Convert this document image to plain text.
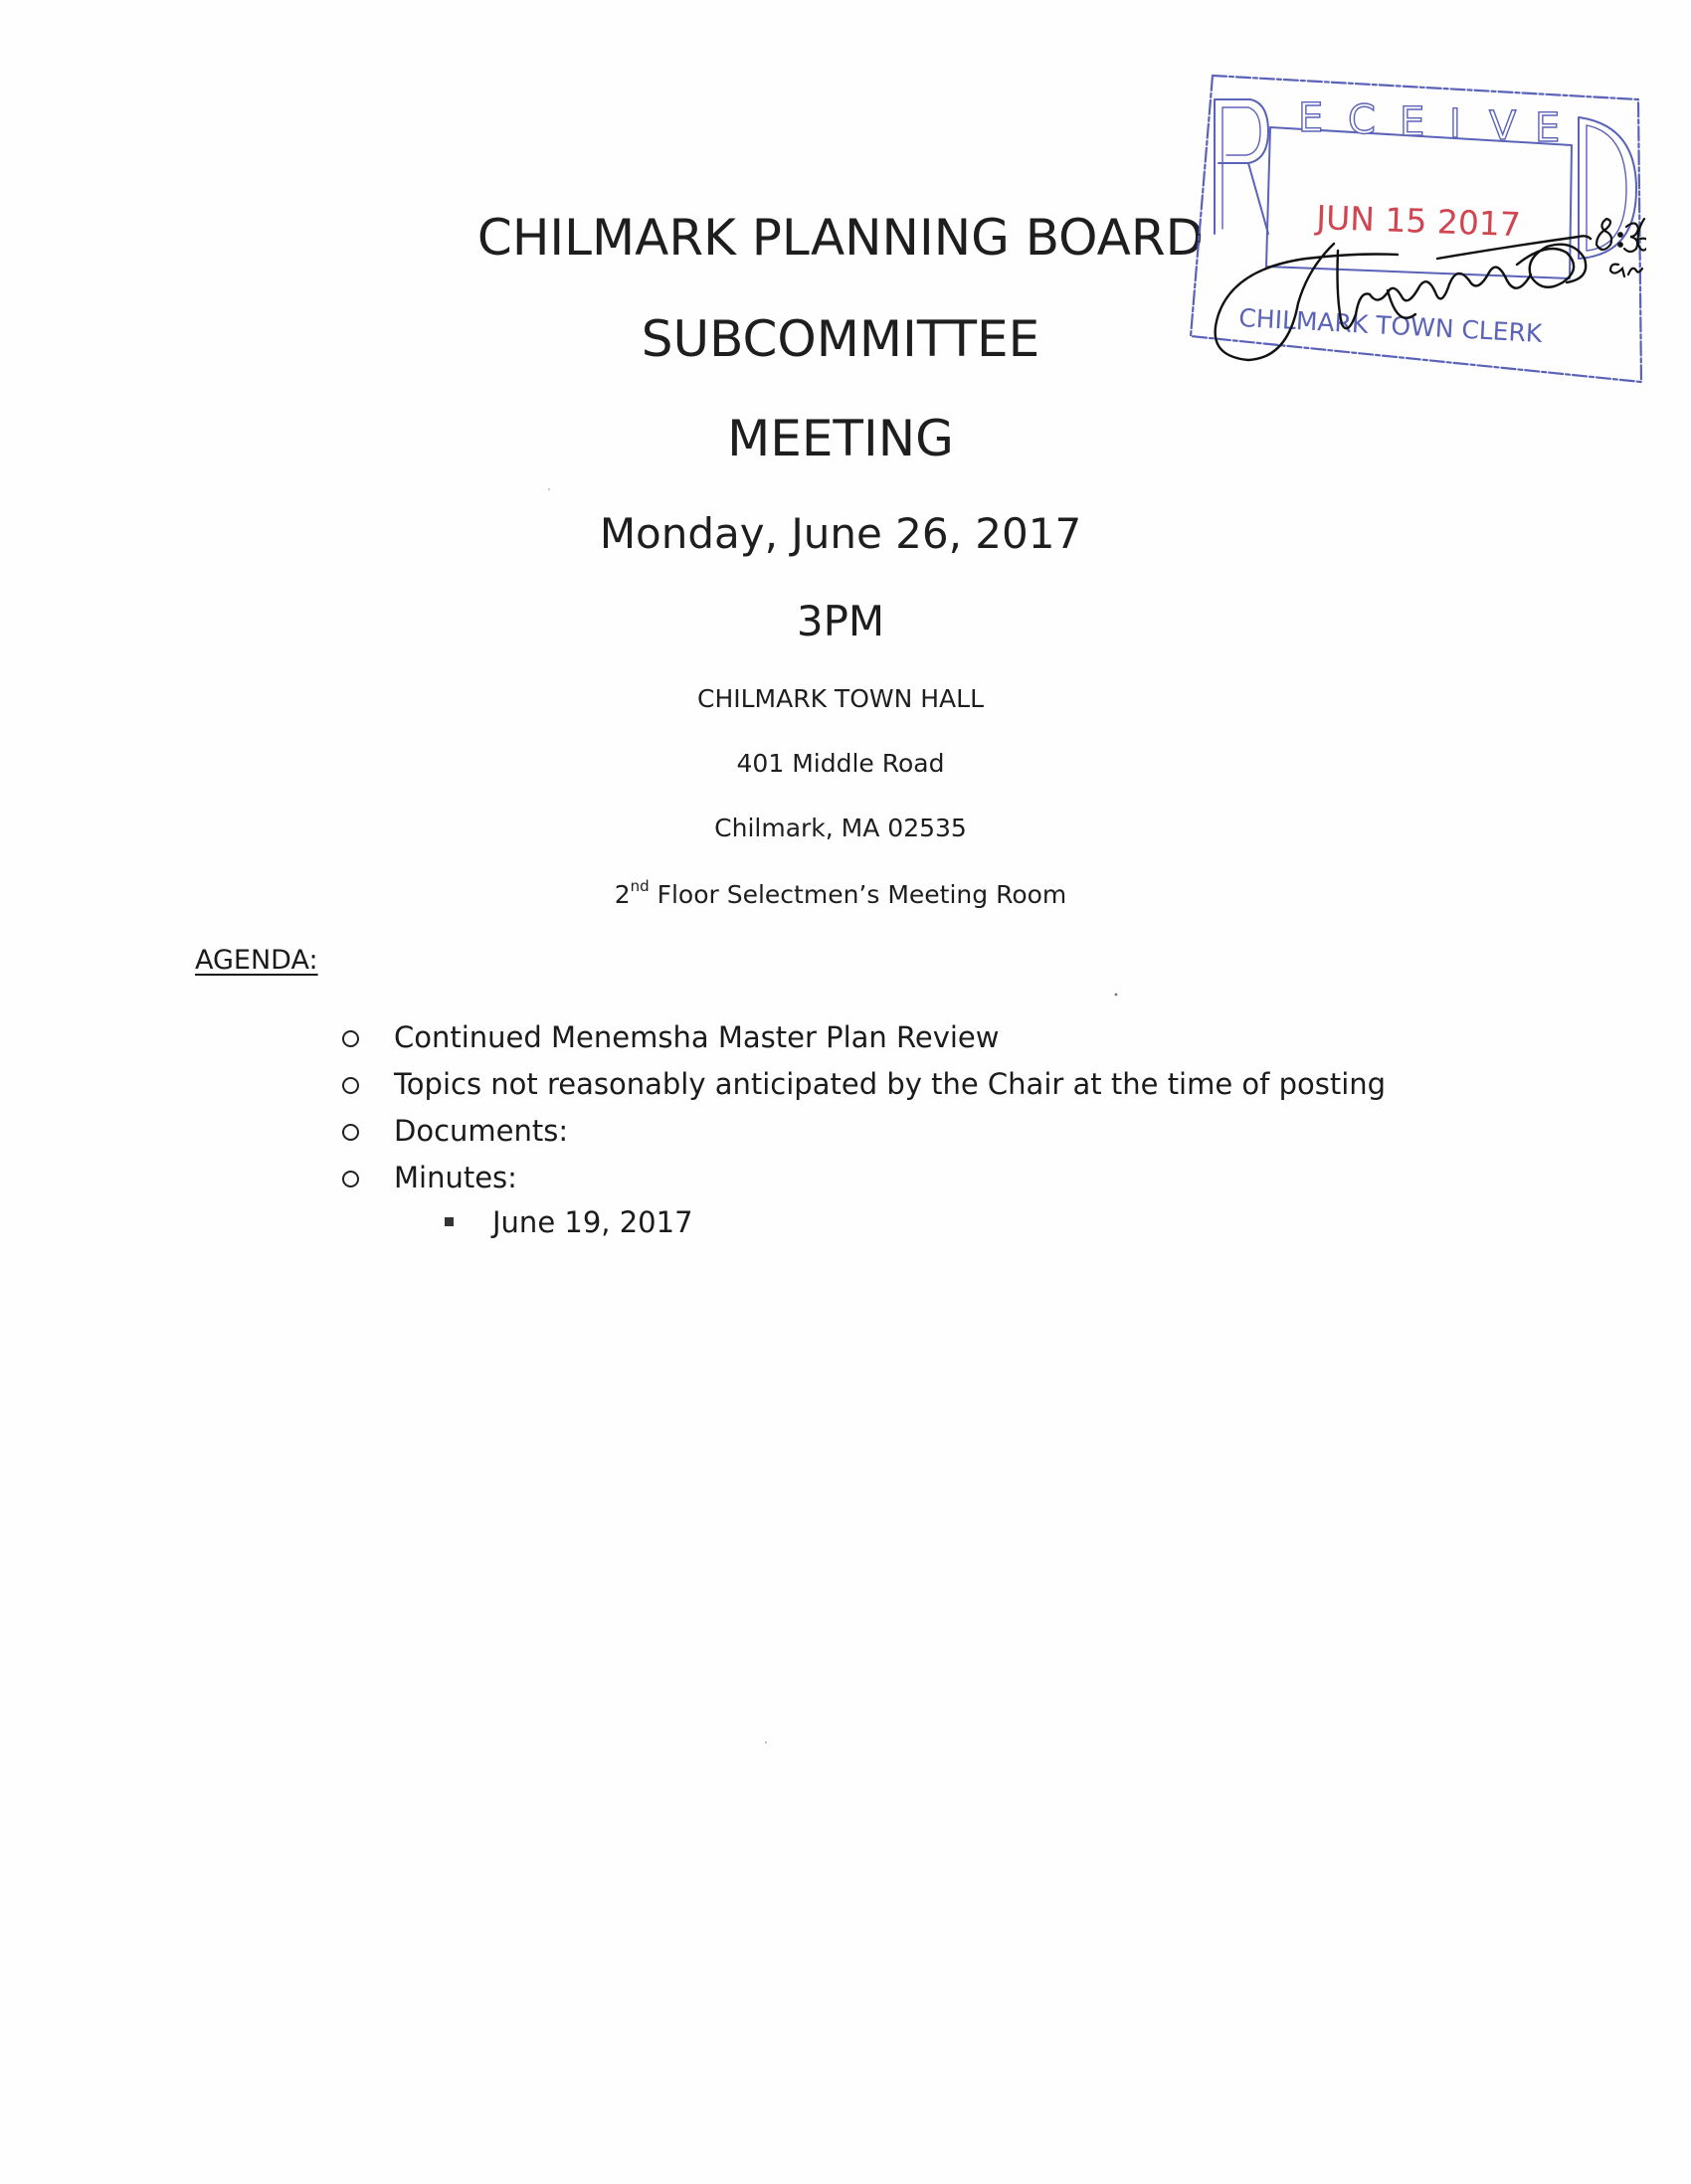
CHILMARK PLANNING BOARD
SUBCOMMITTEE
MEETING
Monday, June 26, 2017
3PM
CHILMARK TOWN HALL
401 Middle Road
Chilmark, MA 02535
2nd Floor Selectmen’s Meeting Room
AGENDA:
Continued Menemsha Master Plan Review
Topics not reasonably anticipated by the Chair at the time of posting
Documents:
Minutes:
June 19, 2017
E C E I V E
JUN 15 2017
CHILMARK TOWN CLERK
